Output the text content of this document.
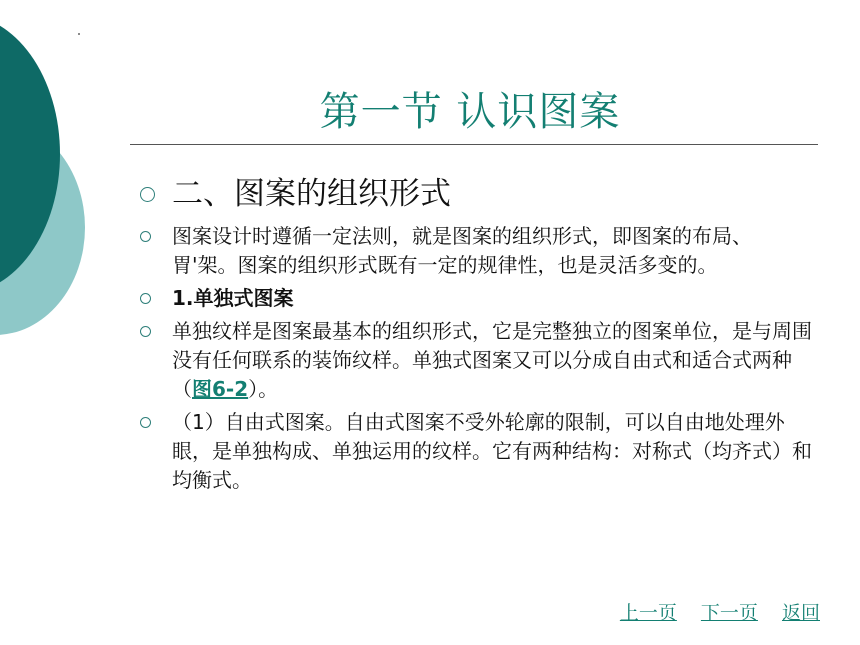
第一节 认识图案
二、图案的组织形式
图案设计时遵循一定法则，就是图案的组织形式，即图案的布局、胃'架。图案的组织形式既有一定的规律性，也是灵活多变的。
1.单独式图案
单独纹样是图案最基本的组织形式，它是完整独立的图案单位，是与周围没有任何联系的装饰纹样。单独式图案又可以分成自由式和适合式两种（图6-2）。
（1）自由式图案。自由式图案不受外轮廓的限制，可以自由地处理外眼，是单独构成、单独运用的纹样。它有两种结构：对称式（均齐式）和均衡式。
上一页 下一页 返回
